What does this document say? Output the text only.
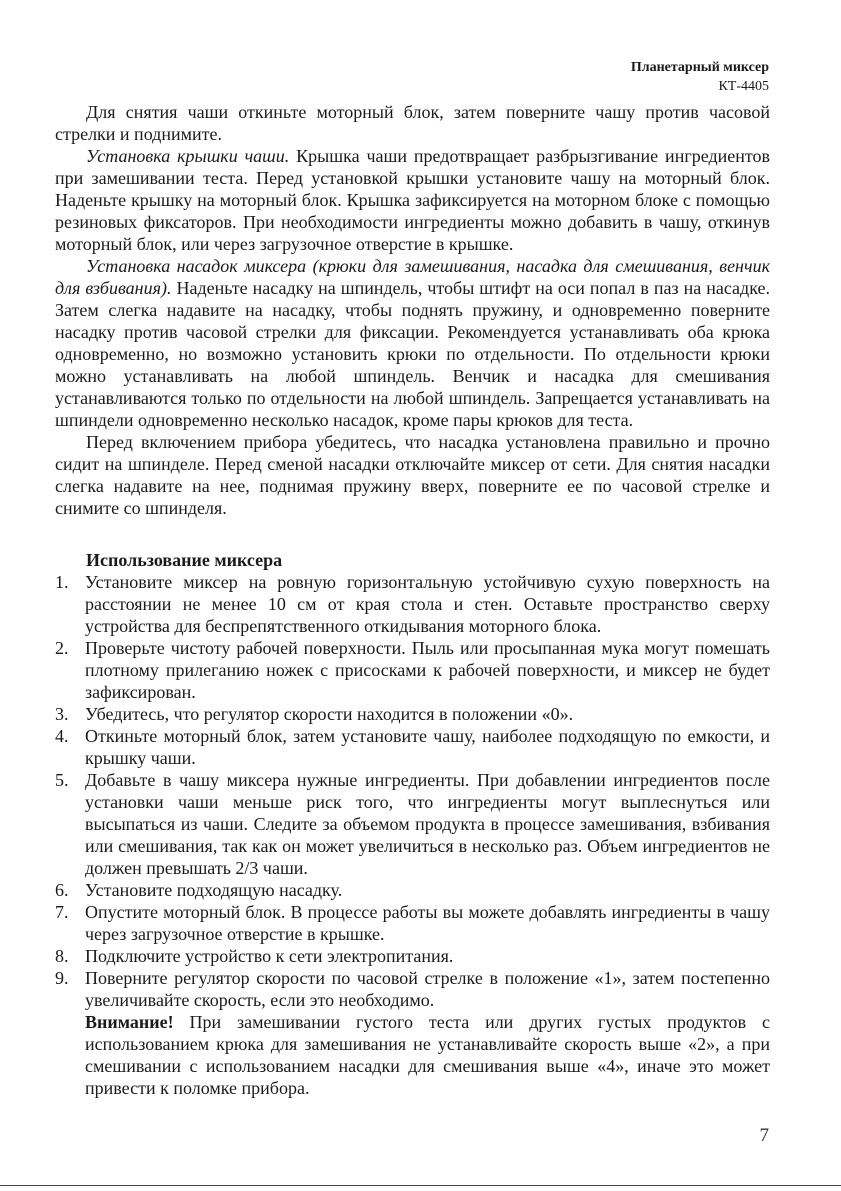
Планетарный миксер
КТ-4405

Для снятия чаши откиньте моторный блок, затем поверните чашу против часовой стрелки и поднимите.

Установка крышки чаши. Крышка чаши предотвращает разбрызгивание ингредиентов при замешивании теста. Перед установкой крышки установите чашу на моторный блок. Наденьте крышку на моторный блок. Крышка зафиксируется на моторном блоке с помощью резиновых фиксаторов. При необходимости ингредиенты можно добавить в чашу, откинув моторный блок, или через загрузочное отверстие в крышке.

Установка насадок миксера (крюки для замешивания, насадка для смешивания, венчик для взбивания). Наденьте насадку на шпиндель, чтобы штифт на оси попал в паз на насадке. Затем слегка надавите на насадку, чтобы поднять пружину, и одновременно поверните насадку против часовой стрелки для фиксации. Рекомендуется устанавливать оба крюка одновременно, но возможно установить крюки по отдельности. По отдельности крюки можно устанавливать на любой шпиндель. Венчик и насадка для смешивания устанавливаются только по отдельности на любой шпиндель. Запрещается устанавливать на шпиндели одновременно несколько насадок, кроме пары крюков для теста.

Перед включением прибора убедитесь, что насадка установлена правильно и прочно сидит на шпинделе. Перед сменой насадки отключайте миксер от сети. Для снятия насадки слегка надавите на нее, поднимая пружину вверх, поверните ее по часовой стрелке и снимите со шпинделя.

Использование миксера
1. Установите миксер на ровную горизонтальную устойчивую сухую поверхность на расстоянии не менее 10 см от края стола и стен. Оставьте пространство сверху устройства для беспрепятственного откидывания моторного блока.
2. Проверьте чистоту рабочей поверхности. Пыль или просыпанная мука могут помешать плотному прилеганию ножек с присосками к рабочей поверхности, и миксер не будет зафиксирован.
3. Убедитесь, что регулятор скорости находится в положении «0».
4. Откиньте моторный блок, затем установите чашу, наиболее подходящую по емкости, и крышку чаши.
5. Добавьте в чашу миксера нужные ингредиенты. При добавлении ингредиентов после установки чаши меньше риск того, что ингредиенты могут выплеснуться или высыпаться из чаши. Следите за объемом продукта в процессе замешивания, взбивания или смешивания, так как он может увеличиться в несколько раз. Объем ингредиентов не должен превышать 2/3 чаши.
6. Установите подходящую насадку.
7. Опустите моторный блок. В процессе работы вы можете добавлять ингредиенты в чашу через загрузочное отверстие в крышке.
8. Подключите устройство к сети электропитания.
9. Поверните регулятор скорости по часовой стрелке в положение «1», затем постепенно увеличивайте скорость, если это необходимо.
Внимание! При замешивании густого теста или других густых продуктов с использованием крюка для замешивания не устанавливайте скорость выше «2», а при смешивании с использованием насадки для смешивания выше «4», иначе это может привести к поломке прибора.
7
